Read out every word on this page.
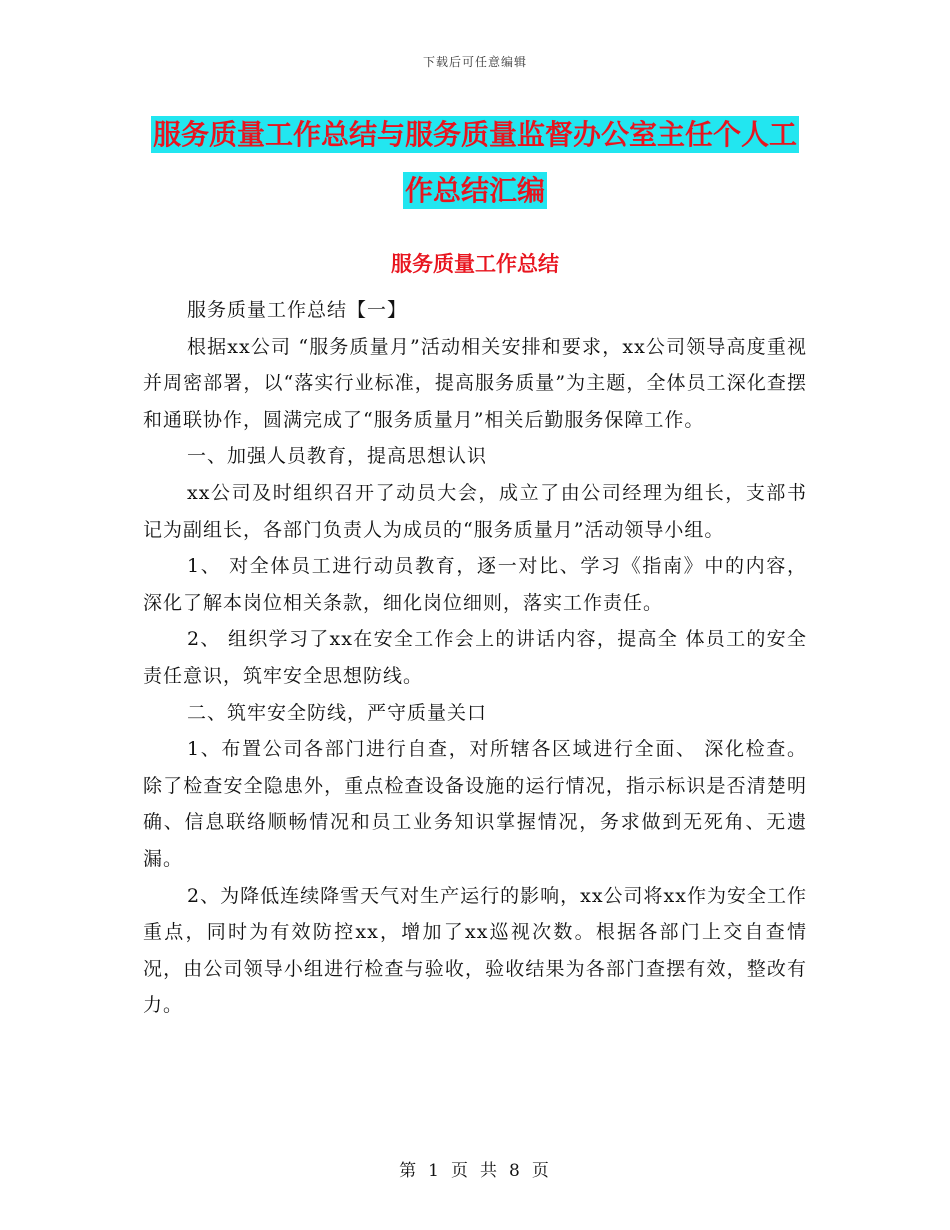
下载后可任意编辑
服务质量工作总结与服务质量监督办公室主任个人工
作总结汇编
服务质量工作总结

服务质量工作总结【一】

根据xx公司 “服务质量月”活动相关安排和要求，xx公司领导高度重视并周密部署，以“落实行业标准，提高服务质量”为主题，全体员工深化查摆和通联协作，圆满完成了“服务质量月”相关后勤服务保障工作。

一、加强人员教育，提高思想认识

xx公司及时组织召开了动员大会，成立了由公司经理为组长，支部书记为副组长，各部门负责人为成员的“服务质量月”活动领导小组。

1、 对全体员工进行动员教育，逐一对比、学习《指南》中的内容，深化了解本岗位相关条款，细化岗位细则，落实工作责任。

2、 组织学习了xx在安全工作会上的讲话内容，提高全 体员工的安全责任意识，筑牢安全思想防线。

二、筑牢安全防线，严守质量关口

1、布置公司各部门进行自查，对所辖各区域进行全面、 深化检查。除了检查安全隐患外，重点检查设备设施的运行情况，指示标识是否清楚明确、信息联络顺畅情况和员工业务知识掌握情况，务求做到无死角、无遗漏。

2、为降低连续降雪天气对生产运行的影响，xx公司将xx作为安全工作重点，同时为有效防控xx，增加了xx巡视次数。根据各部门上交自查情况，由公司领导小组进行检查与验收，验收结果为各部门查摆有效，整改有力。

第 1 页 共 8 页
